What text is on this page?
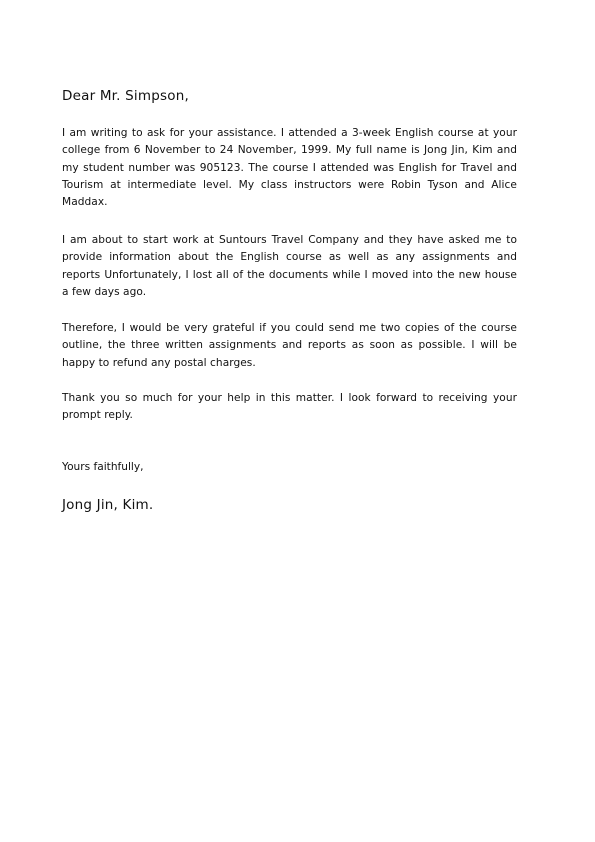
Dear Mr. Simpson,

I am writing to ask for your assistance. I attended a 3-week English course at your college from 6 November to 24 November, 1999. My full name is Jong Jin, Kim and my student number was 905123. The course I attended was English for Travel and Tourism at intermediate level. My class instructors were Robin Tyson and Alice Maddax.

I am about to start work at Suntours Travel Company and they have asked me to provide information about the English course as well as any assignments and reports Unfortunately, I lost all of the documents while I moved into the new house a few days ago.

Therefore, I would be very grateful if you could send me two copies of the course outline, the three written assignments and reports as soon as possible. I will be happy to refund any postal charges.

Thank you so much for your help in this matter. I look forward to receiving your prompt reply.

Yours faithfully,
Jong Jin, Kim.
